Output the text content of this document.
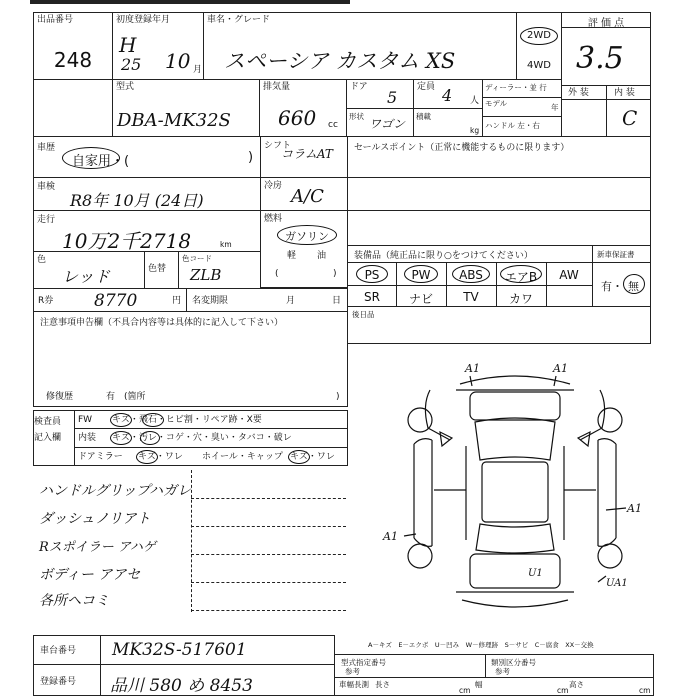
出品番号
248
初度登録年月
H
25 10 月
車名・グレード
スペーシア カスタム XS
2WD
4WD
評 価 点
3.5
外 装	内 装
C
型式
DBA-MK32S
排気量
660 cc
ドア
5
定員 4 人
ディーラー・並 行
モデル	年
ハンドル 左・右
形状
ワゴン
積載
kg
車歴
自家用・(	)
シフト
コラムAT セールスポイント（正常に機能するものに限ります）
車検
R8年 10月 (24日)
冷房 A/C
走行
10万2千2718	km
燃料
ガソリン
軽 油
(	)
色
レッド	色替
色コード
ZLB
装備品（純正品に限り○をつけてください）
PS	PW	ABS	エアB	AW
SR	ナビ	TV	カワ
新車保証書
有・ 無
R券 8770	円 名変期限	月	日
後日品
注意事項申告欄（不具合内容等は具体的に記入して下さい）
修復歴	有　(箇所	)
検査員
記入欄
FW キズ・飛石・ヒビ割・リペア跡・X要
内装 キズ・汚レ・コゲ・穴・臭い・タバコ・破レ
ドアミラー キズ・ワレ ホイール・キャップ キズ・ワレ
ハンドルグリップハガレ
ダッシュノリアト
Rスポイラー アハゲ
ボディー アアセ
各所ヘコミ
A1	A1
A1
A1
U1
UA1
A－キズ　E－エクボ　U－凹み　W－修理跡　S－サビ　C－腐食　XX－交換
車台番号 MK32S-517601
登録番号 品川 580 め 8453
型式指定番号
参考
類別区分番号
参考
車幅長測 長さ
cm
幅
cm
高さ
cm
